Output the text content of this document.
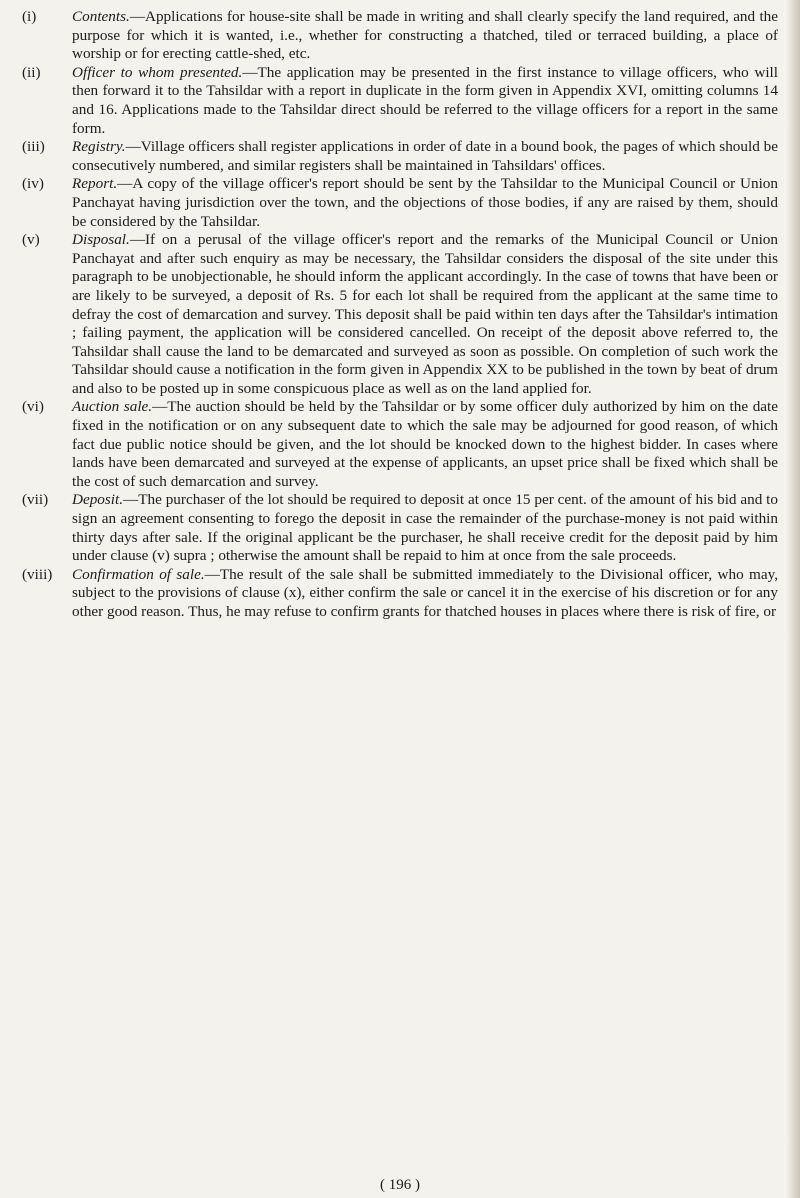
(i)	Contents.—Applications for house-site shall be made in writing and shall clearly specify the land required, and the purpose for which it is wanted, i.e., whether for constructing a thatched, tiled or terraced building, a place of worship or for erecting cattle-shed, etc.

(ii)	Officer to whom presented.—The application may be presented in the first instance to village officers, who will then forward it to the Tahsildar with a report in duplicate in the form given in Appendix XVI, omitting columns 14 and 16. Applications made to the Tahsildar direct should be referred to the village officers for a report in the same form.

(iii)	Registry.—Village officers shall register applications in order of date in a bound book, the pages of which should be consecutively numbered, and similar registers shall be maintained in Tahsildars' offices.

(iv)	Report.—A copy of the village officer's report should be sent by the Tahsildar to the Municipal Council or Union Panchayat having jurisdiction over the town, and the objections of those bodies, if any are raised by them, should be considered by the Tahsildar.

(v)	Disposal.—If on a perusal of the village officer's report and the remarks of the Municipal Council or Union Panchayat and after such enquiry as may be necessary, the Tahsildar considers the disposal of the site under this paragraph to be unobjectionable, he should inform the applicant accordingly. In the case of towns that have been or are likely to be surveyed, a deposit of Rs. 5 for each lot shall be required from the applicant at the same time to defray the cost of demarcation and survey. This deposit shall be paid within ten days after the Tahsildar's intimation ; failing payment, the application will be considered cancelled. On receipt of the deposit above referred to, the Tahsildar shall cause the land to be demarcated and surveyed as soon as possible. On completion of such work the Tahsildar should cause a notification in the form given in Appendix XX to be published in the town by beat of drum and also to be posted up in some conspicuous place as well as on the land applied for.

(vi)	Auction sale.—The auction should be held by the Tahsildar or by some officer duly authorized by him on the date fixed in the notification or on any subsequent date to which the sale may be adjourned for good reason, of which fact due public notice should be given, and the lot should be knocked down to the highest bidder. In cases where lands have been demarcated and surveyed at the expense of applicants, an upset price shall be fixed which shall be the cost of such demarcation and survey.

(vii)	Deposit.—The purchaser of the lot should be required to deposit at once 15 per cent. of the amount of his bid and to sign an agreement consenting to forego the deposit in case the remainder of the purchase-money is not paid within thirty days after sale. If the original applicant be the purchaser, he shall receive credit for the deposit paid by him under clause (v) supra ; otherwise the amount shall be repaid to him at once from the sale proceeds.

(viii)	Confirmation of sale.—The result of the sale shall be submitted immediately to the Divisional officer, who may, subject to the provisions of clause (x), either confirm the sale or cancel it in the exercise of his discretion or for any other good reason. Thus, he may refuse to confirm grants for thatched houses in places where there is risk of fire, or

( 196 )
